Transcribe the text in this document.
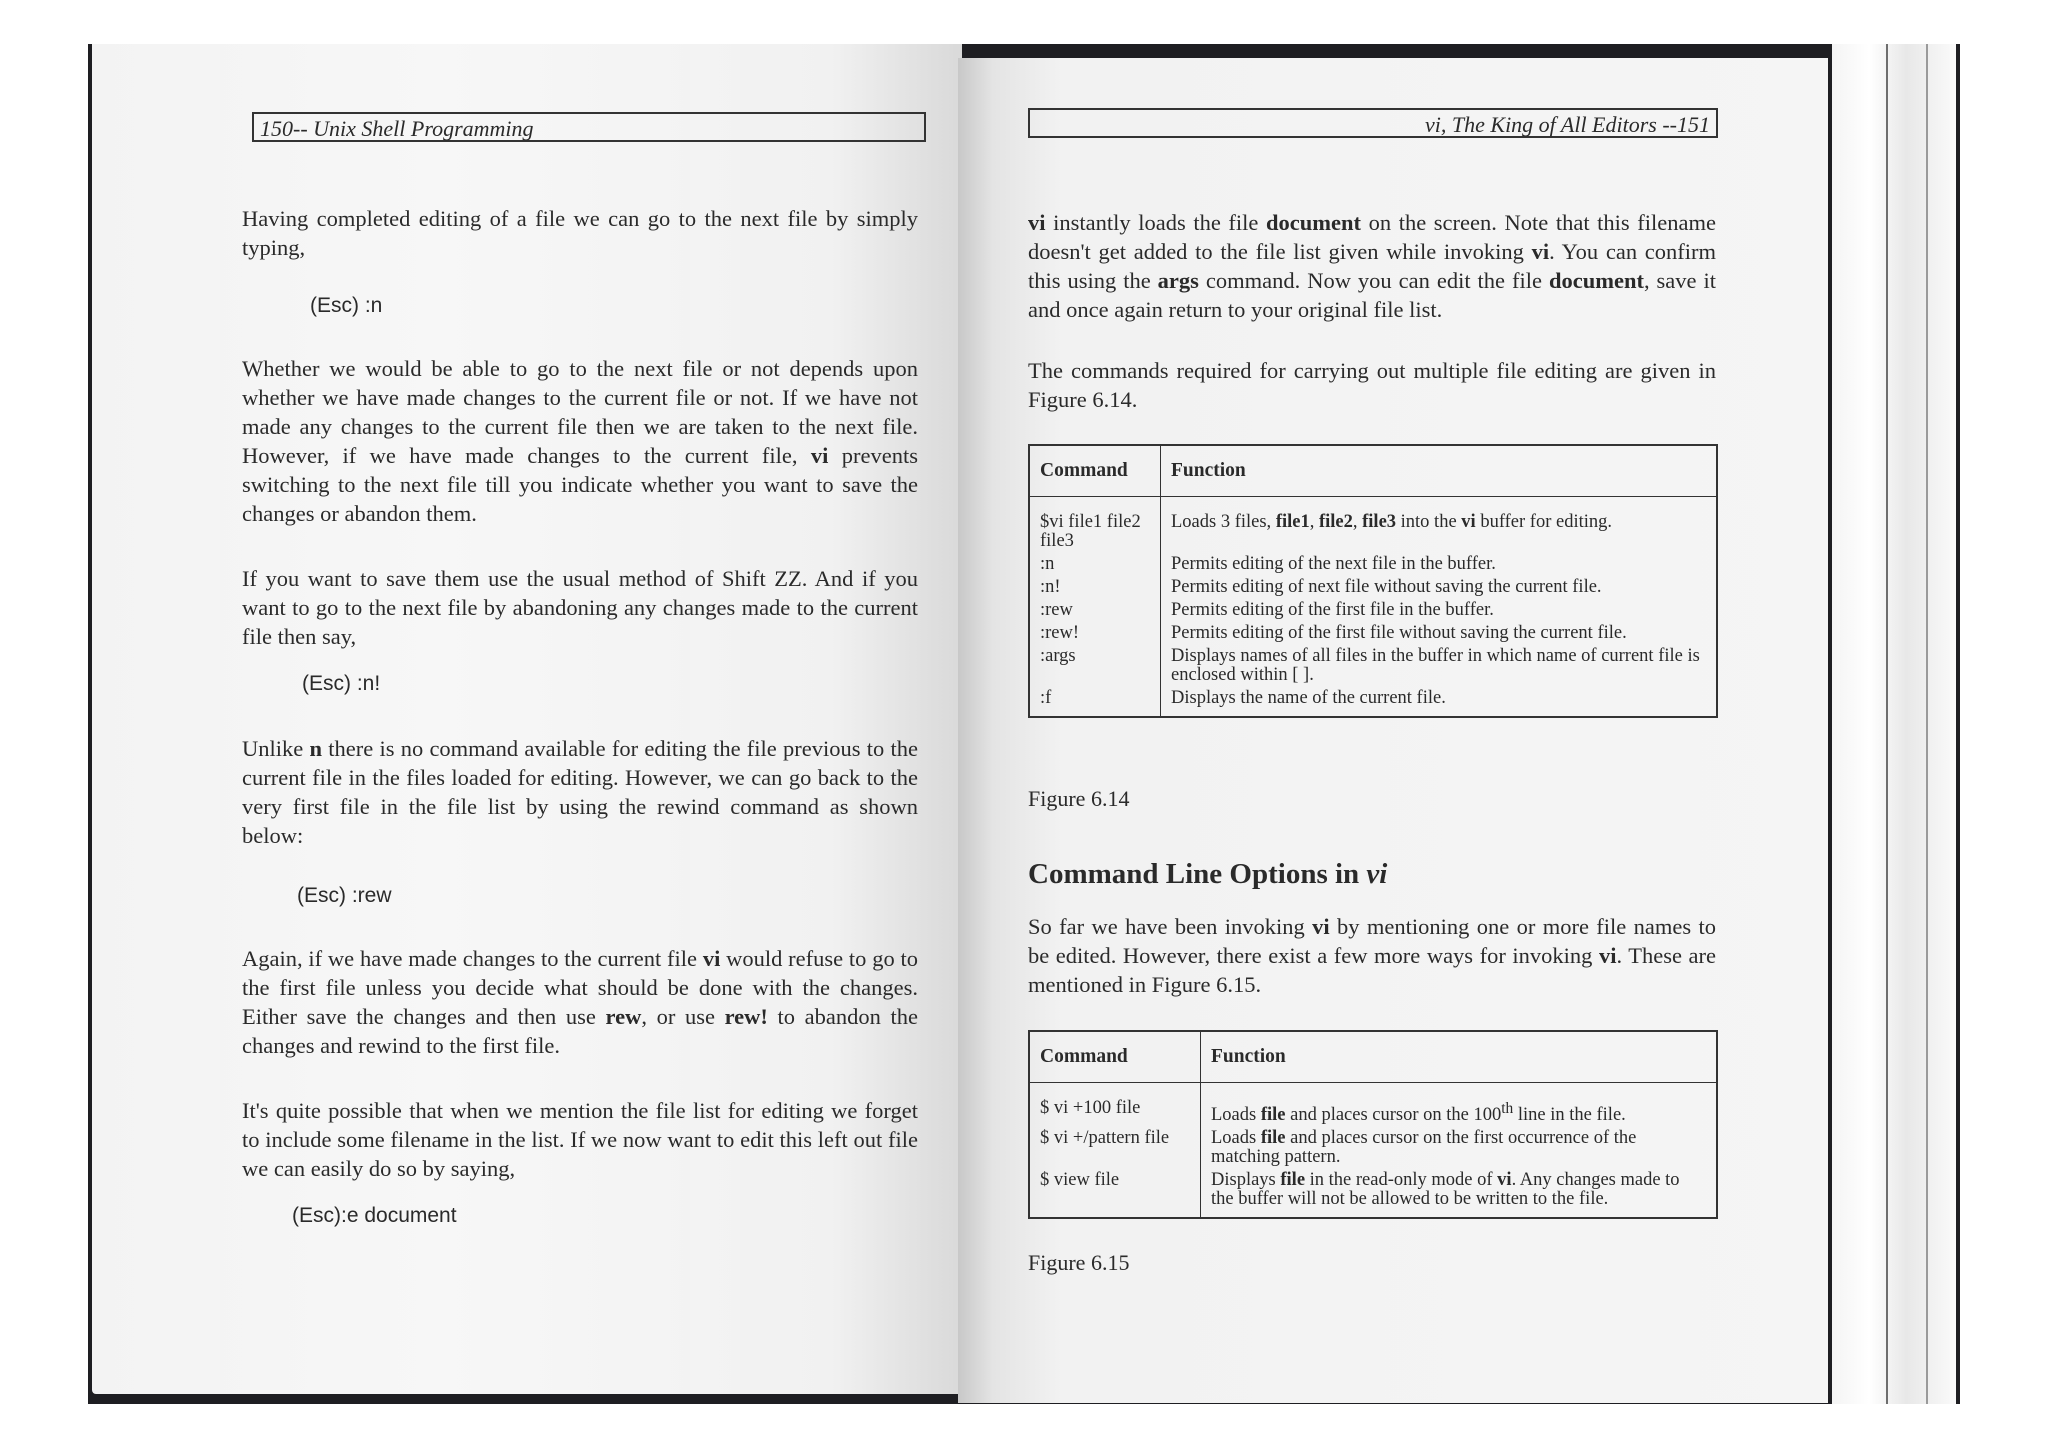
150-- Unix Shell Programming
Having completed editing of a file we can go to the next file by simply typing,
(Esc) :n
Whether we would be able to go to the next file or not depends upon whether we have made changes to the current file or not. If we have not made any changes to the current file then we are taken to the next file. However, if we have made changes to the current file, vi prevents switching to the next file till you indicate whether you want to save the changes or abandon them.
If you want to save them use the usual method of Shift ZZ. And if you want to go to the next file by abandoning any changes made to the current file then say,
(Esc) :n!
Unlike n there is no command available for editing the file previous to the current file in the files loaded for editing. However, we can go back to the very first file in the file list by using the rewind command as shown below:
(Esc) :rew
Again, if we have made changes to the current file vi would refuse to go to the first file unless you decide what should be done with the changes. Either save the changes and then use rew, or use rew! to abandon the changes and rewind to the first file.
It's quite possible that when we mention the file list for editing we forget to include some filename in the list. If we now want to edit this left out file we can easily do so by saying,
(Esc):e document
vi, The King of All Editors --151
vi instantly loads the file document on the screen. Note that this filename doesn't get added to the file list given while invoking vi. You can confirm this using the args command. Now you can edit the file document, save it and once again return to your original file list.
The commands required for carrying out multiple file editing are given in Figure 6.14.
Command	Function
$vi file1 file2 file3	Loads 3 files, file1, file2, file3 into the vi buffer for editing.
:n	Permits editing of the next file in the buffer.
:n!	Permits editing of next file without saving the current file.
:rew	Permits editing of the first file in the buffer.
:rew!	Permits editing of the first file without saving the current file.
:args	Displays names of all files in the buffer in which name of current file is enclosed within [ ].
:f	Displays the name of the current file.
Figure 6.14
Command Line Options in vi
So far we have been invoking vi by mentioning one or more file names to be edited. However, there exist a few more ways for invoking vi. These are mentioned in Figure 6.15.
Command	Function
$ vi +100 file	Loads file and places cursor on the 100th line in the file.
$ vi +/pattern file	Loads file and places cursor on the first occurrence of the matching pattern.
$ view file	Displays file in the read-only mode of vi. Any changes made to the buffer will not be allowed to be written to the file.
Figure 6.15
